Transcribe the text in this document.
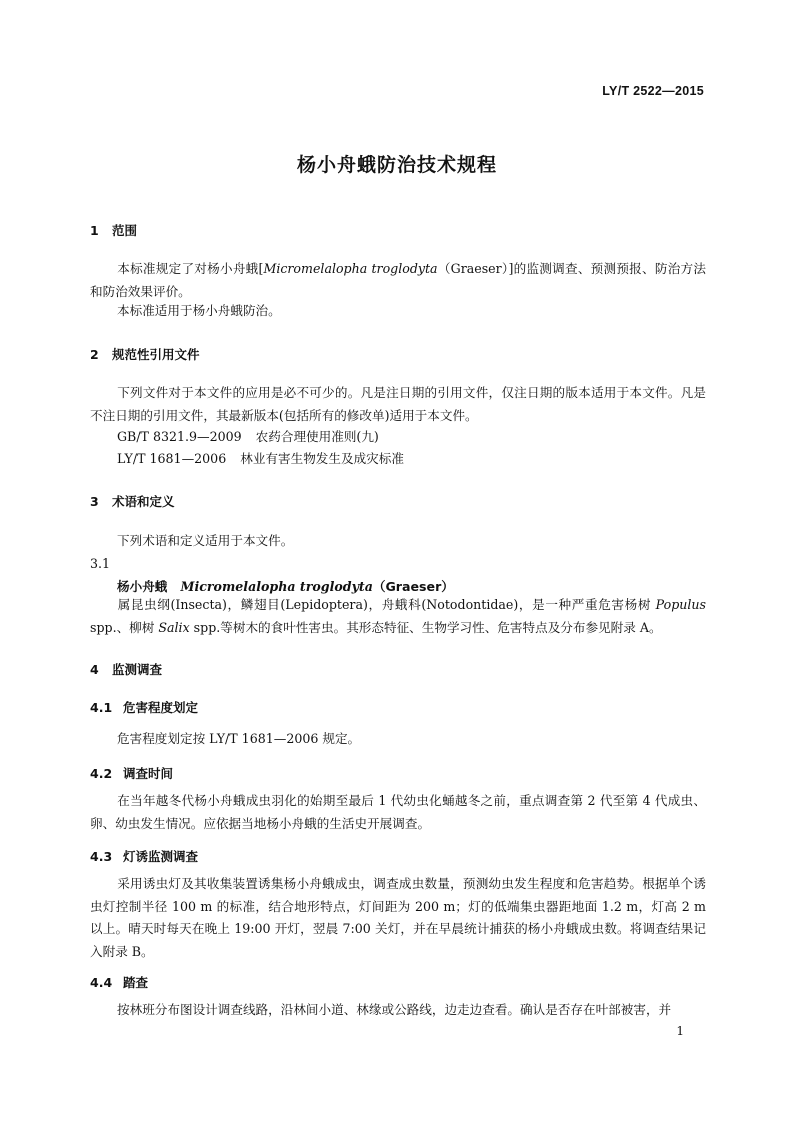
LY/T 2522—2015
杨小舟蛾防治技术规程
1 范围
本标准规定了对杨小舟蛾[Micromelalopha troglodyta（Graeser）]的监测调查、预测预报、防治方法和防治效果评价。
本标准适用于杨小舟蛾防治。
2 规范性引用文件
下列文件对于本文件的应用是必不可少的。凡是注日期的引用文件，仅注日期的版本适用于本文件。凡是不注日期的引用文件，其最新版本(包括所有的修改单)适用于本文件。
GB/T 8321.9—2009 农药合理使用准则(九)
LY/T 1681—2006 林业有害生物发生及成灾标准
3 术语和定义
下列术语和定义适用于本文件。
3.1
杨小舟蛾 Micromelalopha troglodyta（Graeser）
属昆虫纲(Insecta)，鳞翅目(Lepidoptera)，舟蛾科(Notodontidae)，是一种严重危害杨树 Populus spp.、柳树 Salix spp.等树木的食叶性害虫。其形态特征、生物学习性、危害特点及分布参见附录 A。
4 监测调查
4.1 危害程度划定
危害程度划定按 LY/T 1681—2006 规定。
4.2 调查时间
在当年越冬代杨小舟蛾成虫羽化的始期至最后 1 代幼虫化蛹越冬之前，重点调查第 2 代至第 4 代成虫、卵、幼虫发生情况。应依据当地杨小舟蛾的生活史开展调查。
4.3 灯诱监测调查
采用诱虫灯及其收集装置诱集杨小舟蛾成虫，调查成虫数量，预测幼虫发生程度和危害趋势。根据单个诱虫灯控制半径 100 m 的标准，结合地形特点，灯间距为 200 m；灯的低端集虫器距地面 1.2 m，灯高 2 m 以上。晴天时每天在晚上 19:00 开灯，翌晨 7:00 关灯，并在早晨统计捕获的杨小舟蛾成虫数。将调查结果记入附录 B。
4.4 踏查
按林班分布图设计调查线路，沿林间小道、林缘或公路线，边走边查看。确认是否存在叶部被害，并
1
